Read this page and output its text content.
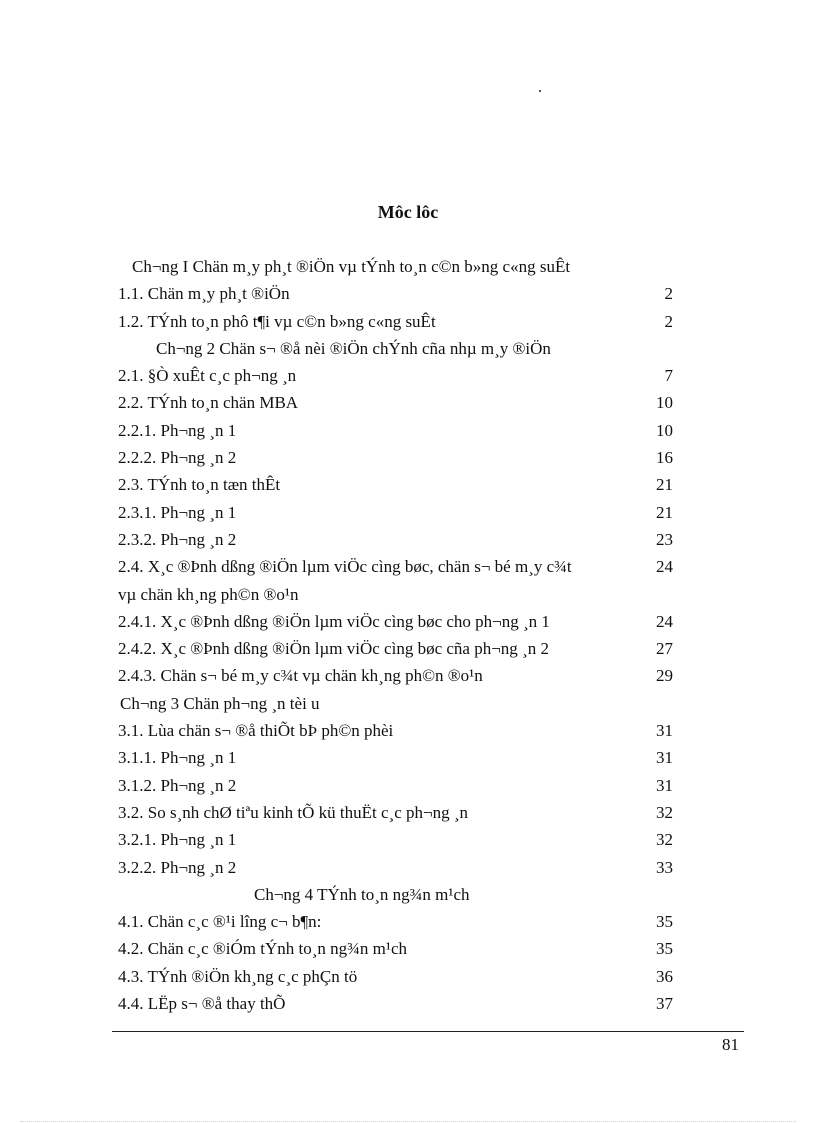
Môc lôc
Ch¬ng I Chän m¸y ph¸t ®iÖn vµ tÝnh to¸n c©n b»ng c«ng suÊt
1.1. Chän m¸y ph¸t ®iÖn	2
1.2. TÝnh to¸n phô t¶i vµ c©n b»ng c«ng suÊt	2
Ch¬ng 2 Chän s¬ ®å nèi ®iÖn chÝnh cña nhµ m¸y ®iÖn
2.1. §Ò xuÊt c¸c ph¬ng ¸n	7
2.2. TÝnh to¸n chän MBA	10
2.2.1. Ph¬ng ¸n 1	10
2.2.2. Ph¬ng ¸n 2	16
2.3. TÝnh to¸n tæn thÊt	21
2.3.1. Ph¬ng ¸n 1	21
2.3.2. Ph¬ng ¸n 2	23
2.4. X¸c ®Þnh dßng ®iÖn lµm viÖc cìng bøc, chän s¬ bé m¸y c¾t	24
vµ chän kh¸ng ph©n ®o¹n
2.4.1. X¸c ®Þnh dßng ®iÖn lµm viÖc cìng bøc cho ph¬ng ¸n 1	24
2.4.2. X¸c ®Þnh dßng ®iÖn lµm viÖc cìng bøc cña ph¬ng ¸n 2	27
2.4.3. Chän s¬ bé m¸y c¾t vµ chän kh¸ng ph©n ®o¹n	29
Ch¬ng 3 Chän ph¬ng ¸n tèi u
3.1. Lùa chän s¬ ®å thiÕt bÞ ph©n phèi	31
3.1.1. Ph¬ng ¸n 1	31
3.1.2. Ph¬ng ¸n 2	31
3.2. So s¸nh chØ tiªu kinh tÕ kü thuËt c¸c ph¬ng ¸n	32
3.2.1. Ph¬ng ¸n 1	32
3.2.2. Ph¬ng ¸n 2	33
Ch¬ng 4 TÝnh to¸n ng¾n m¹ch
4.1. Chän c¸c ®¹i lîng c¬ b¶n:	35
4.2. Chän c¸c ®iÓm tÝnh to¸n ng¾n m¹ch	35
4.3. TÝnh ®iÖn kh¸ng c¸c phÇn tö	36
4.4. LËp s¬ ®å thay thÕ	37
81
